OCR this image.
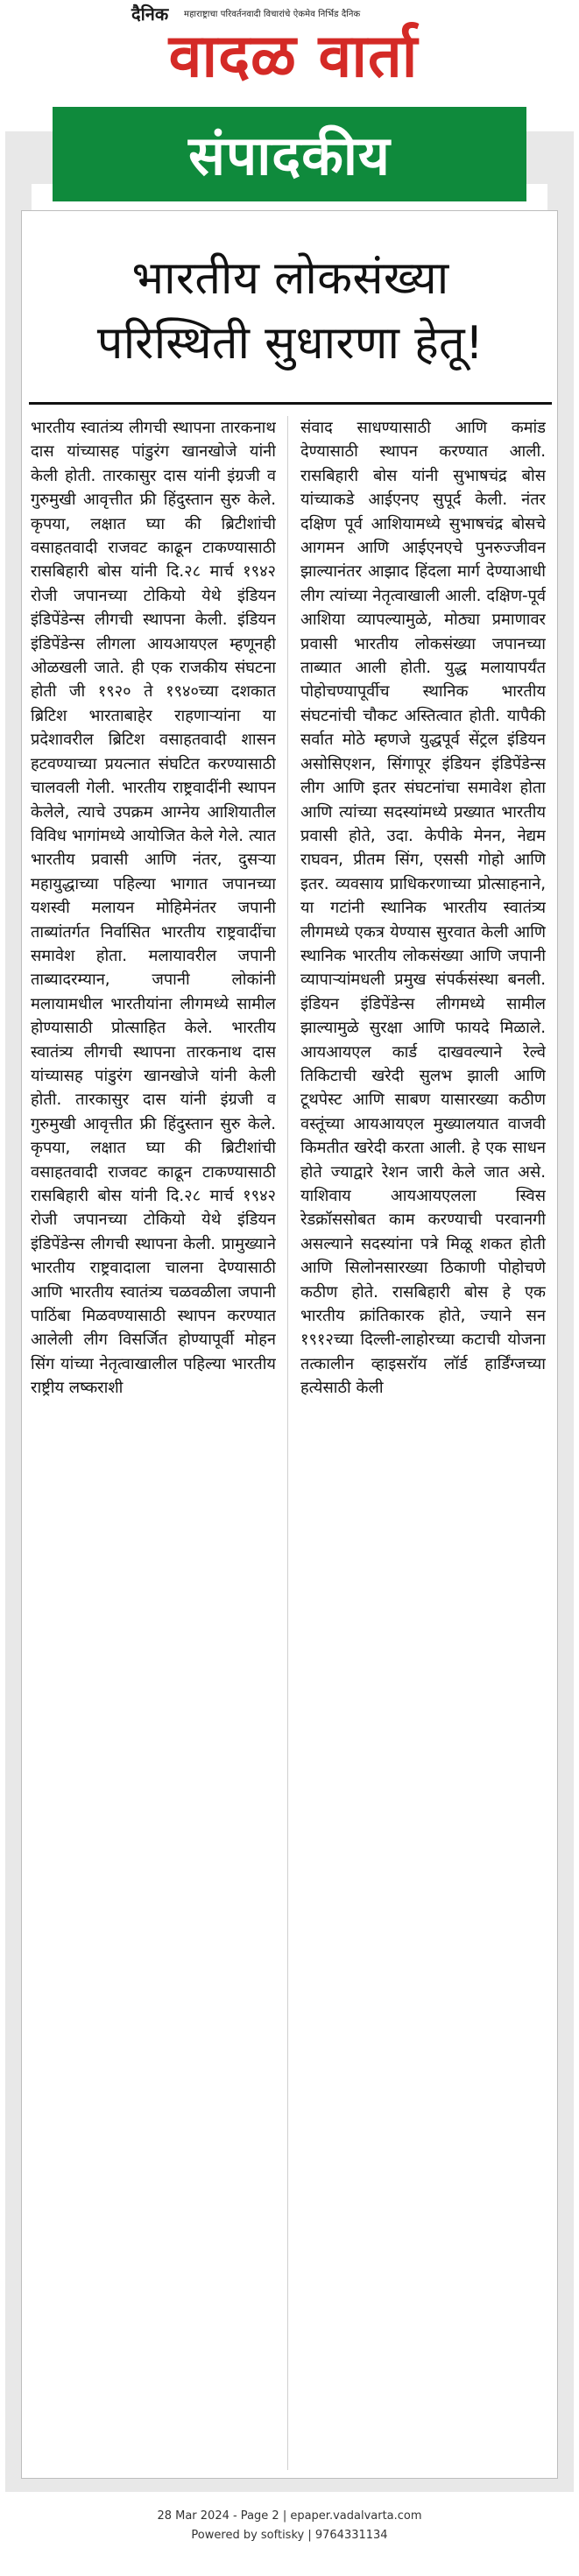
दैनिक महाराष्ट्राचा परिवर्तनवादी विचारांचे ऐकमेव निर्भिड दैनिक
वादळ वार्ता
भारतीय लोकसंख्या
परिस्थिती सुधारणा हेतू!

भारतीय स्वातंत्र्य लीगची स्थापना तारकनाथ दास यांच्यासह पांडुरंग खानखोजे यांनी केली होती. तारकासुर दास यांनी इंग्रजी व गुरुमुखी आवृत्तीत फ्री हिंदुस्तान सुरु केले. कृपया, लक्षात घ्या की ब्रिटीशांची वसाहतवादी राजवट काढून टाकण्यासाठी रासबिहारी बोस यांनी दि.२८ मार्च १९४२ रोजी जपानच्या टोकियो येथे इंडियन इंडिपेंडेन्स लीगची स्थापना केली. इंडियन इंडिपेंडेन्स लीगला आयआयएल म्हणूनही ओळखली जाते. ही एक राजकीय संघटना होती जी १९२० ते १९४०च्या दशकात ब्रिटिश भारताबाहेर राहणाऱ्यांना या प्रदेशावरील ब्रिटिश वसाहतवादी शासन हटवण्याच्या प्रयत्नात संघटित करण्यासाठी चालवली गेली. भारतीय राष्ट्रवादींनी स्थापन केलेले, त्याचे उपक्रम आग्नेय आशियातील विविध भागांमध्ये आयोजित केले गेले. त्यात भारतीय प्रवासी आणि नंतर, दुसऱ्या महायुद्धाच्या पहिल्या भागात जपानच्या यशस्वी मलायन मोहिमेनंतर जपानी ताब्यांतर्गत निर्वासित भारतीय राष्ट्रवादींचा समावेश होता. मलायावरील जपानी ताब्यादरम्यान, जपानी लोकांनी मलायामधील भारतीयांना लीगमध्ये सामील होण्यासाठी प्रोत्साहित केले. भारतीय स्वातंत्र्य लीगची स्थापना तारकनाथ दास यांच्यासह पांडुरंग खानखोजे यांनी केली होती. तारकासुर दास यांनी इंग्रजी व गुरुमुखी आवृत्तीत फ्री हिंदुस्तान सुरु केले. कृपया, लक्षात घ्या की ब्रिटीशांची वसाहतवादी राजवट काढून टाकण्यासाठी रासबिहारी बोस यांनी दि.२८ मार्च १९४२ रोजी जपानच्या टोकियो येथे इंडियन इंडिपेंडेन्स लीगची स्थापना केली. प्रामुख्याने भारतीय राष्ट्रवादाला चालना देण्यासाठी आणि भारतीय स्वातंत्र्य चळवळीला जपानी पाठिंबा मिळवण्यासाठी स्थापन करण्यात आलेली लीग विसर्जित होण्यापूर्वी मोहन सिंग यांच्या नेतृत्वाखालील पहिल्या भारतीय राष्ट्रीय लष्कराशी

संवाद साधण्यासाठी आणि कमांड देण्यासाठी स्थापन करण्यात आली. रासबिहारी बोस यांनी सुभाषचंद्र बोस यांच्याकडे आईएनए सुपूर्द केली. नंतर दक्षिण पूर्व आशियामध्ये सुभाषचंद्र बोसचे आगमन आणि आईएनएचे पुनरुज्जीवन झाल्यानंतर आझाद हिंदला मार्ग देण्याआधी लीग त्यांच्या नेतृत्वाखाली आली. दक्षिण-पूर्व आशिया व्यापल्यामुळे, मोठ्या प्रमाणावर प्रवासी भारतीय लोकसंख्या जपानच्या ताब्यात आली होती. युद्ध मलायापर्यंत पोहोचण्यापूर्वीच स्थानिक भारतीय संघटनांची चौकट अस्तित्वात होती. यापैकी सर्वात मोठे म्हणजे युद्धपूर्व सेंट्रल इंडियन असोसिएशन, सिंगापूर इंडियन इंडिपेंडेन्स लीग आणि इतर संघटनांचा समावेश होता आणि त्यांच्या सदस्यांमध्ये प्रख्यात भारतीय प्रवासी होते, उदा. केपीके मेनन, नेद्यम राघवन, प्रीतम सिंग, एससी गोहो आणि इतर. व्यवसाय प्राधिकरणाच्या प्रोत्साहनाने, या गटांनी स्थानिक भारतीय स्वातंत्र्य लीगमध्ये एकत्र येण्यास सुरवात केली आणि स्थानिक भारतीय लोकसंख्या आणि जपानी व्यापाऱ्यांमधली प्रमुख संपर्कसंस्था बनली. इंडियन इंडिपेंडेन्स लीगमध्ये सामील झाल्यामुळे सुरक्षा आणि फायदे मिळाले. आयआयएल कार्ड दाखवल्याने रेल्वे तिकिटाची खरेदी सुलभ झाली आणि टूथपेस्ट आणि साबण यासारख्या कठीण वस्तूंच्या आयआयएल मुख्यालयात वाजवी किमतीत खरेदी करता आली. हे एक साधन होते ज्याद्वारे रेशन जारी केले जात असे. याशिवाय आयआयएलला स्विस रेडक्रॉससोबत काम करण्याची परवानगी असल्याने सदस्यांना पत्रे मिळू शकत होती आणि सिलोनसारख्या ठिकाणी पोहोचणे कठीण होते. रासबिहारी बोस हे एक भारतीय क्रांतिकारक होते, ज्याने सन १९१२च्या दिल्ली-लाहोरच्या कटाची योजना तत्कालीन व्हाइसरॉय लॉर्ड हार्डिंग्जच्या हत्येसाठी केली

संपादकीय
28 Mar 2024 - Page 2 | epaper.vadalvarta.com
Powered by softisky | 9764331134
